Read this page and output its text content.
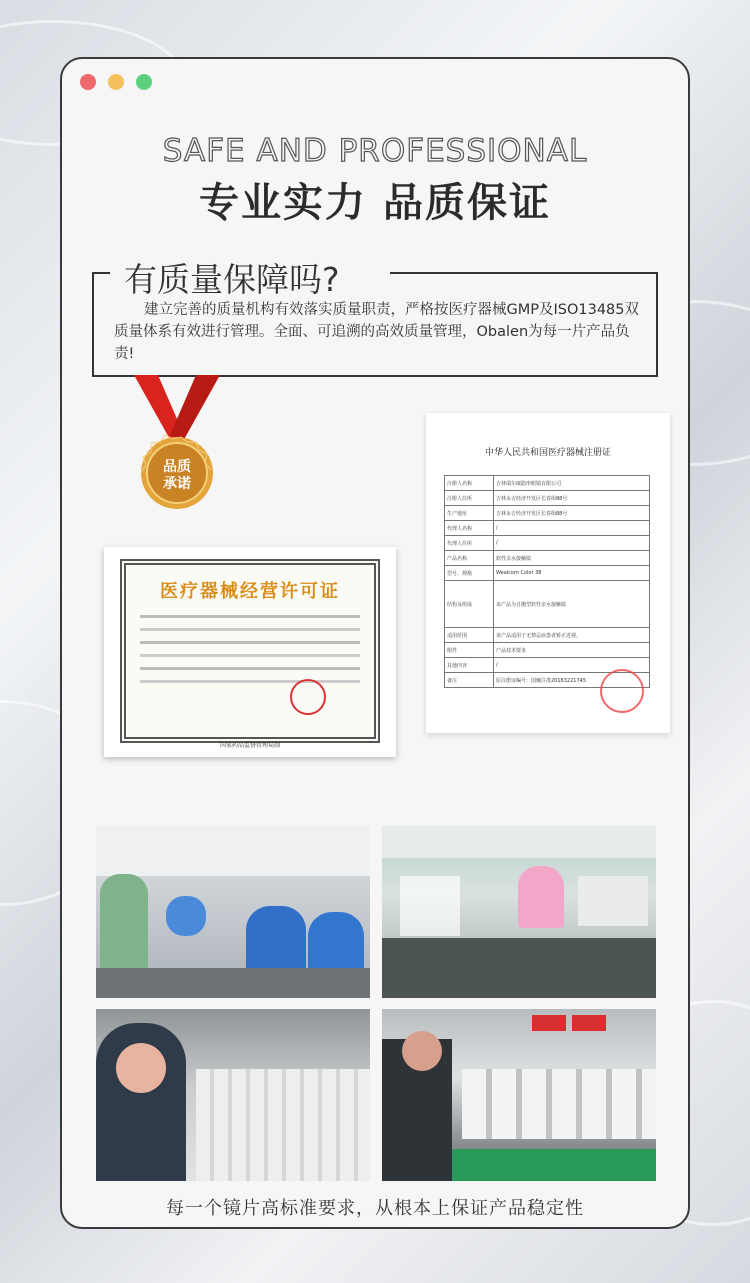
SAFE AND PROFESSIONAL
专业实力 品质保证
有质量保障吗?
建立完善的质量机构有效落实质量职责，严格按医疗器械GMP及ISO13485双质量体系有效进行管理。全面、可追溯的高效质量管理，Obalen为每一片产品负责!
品质
承诺
医疗器械经营许可证
国家药品监督管理局制
中华人民共和国医疗器械注册证
注册人名称	吉林瑞尔康隐形眼镜有限公司
注册人住所	吉林永吉经济开发区长春街88号
生产地址	吉林永吉经济开发区长春街88号
代理人名称	/
代理人住所	/
产品名称	软性亲水接触镜
型号、规格	Wealcom Color 38
结构及组成	该产品为日抛型软性亲水接触镜
适用范围	该产品适用于无禁忌症患者矫正近视。
附件	产品技术要求
其他内容	/
备注	原注册证编号：国械注准20163221745
每一个镜片高标准要求，从根本上保证产品稳定性
